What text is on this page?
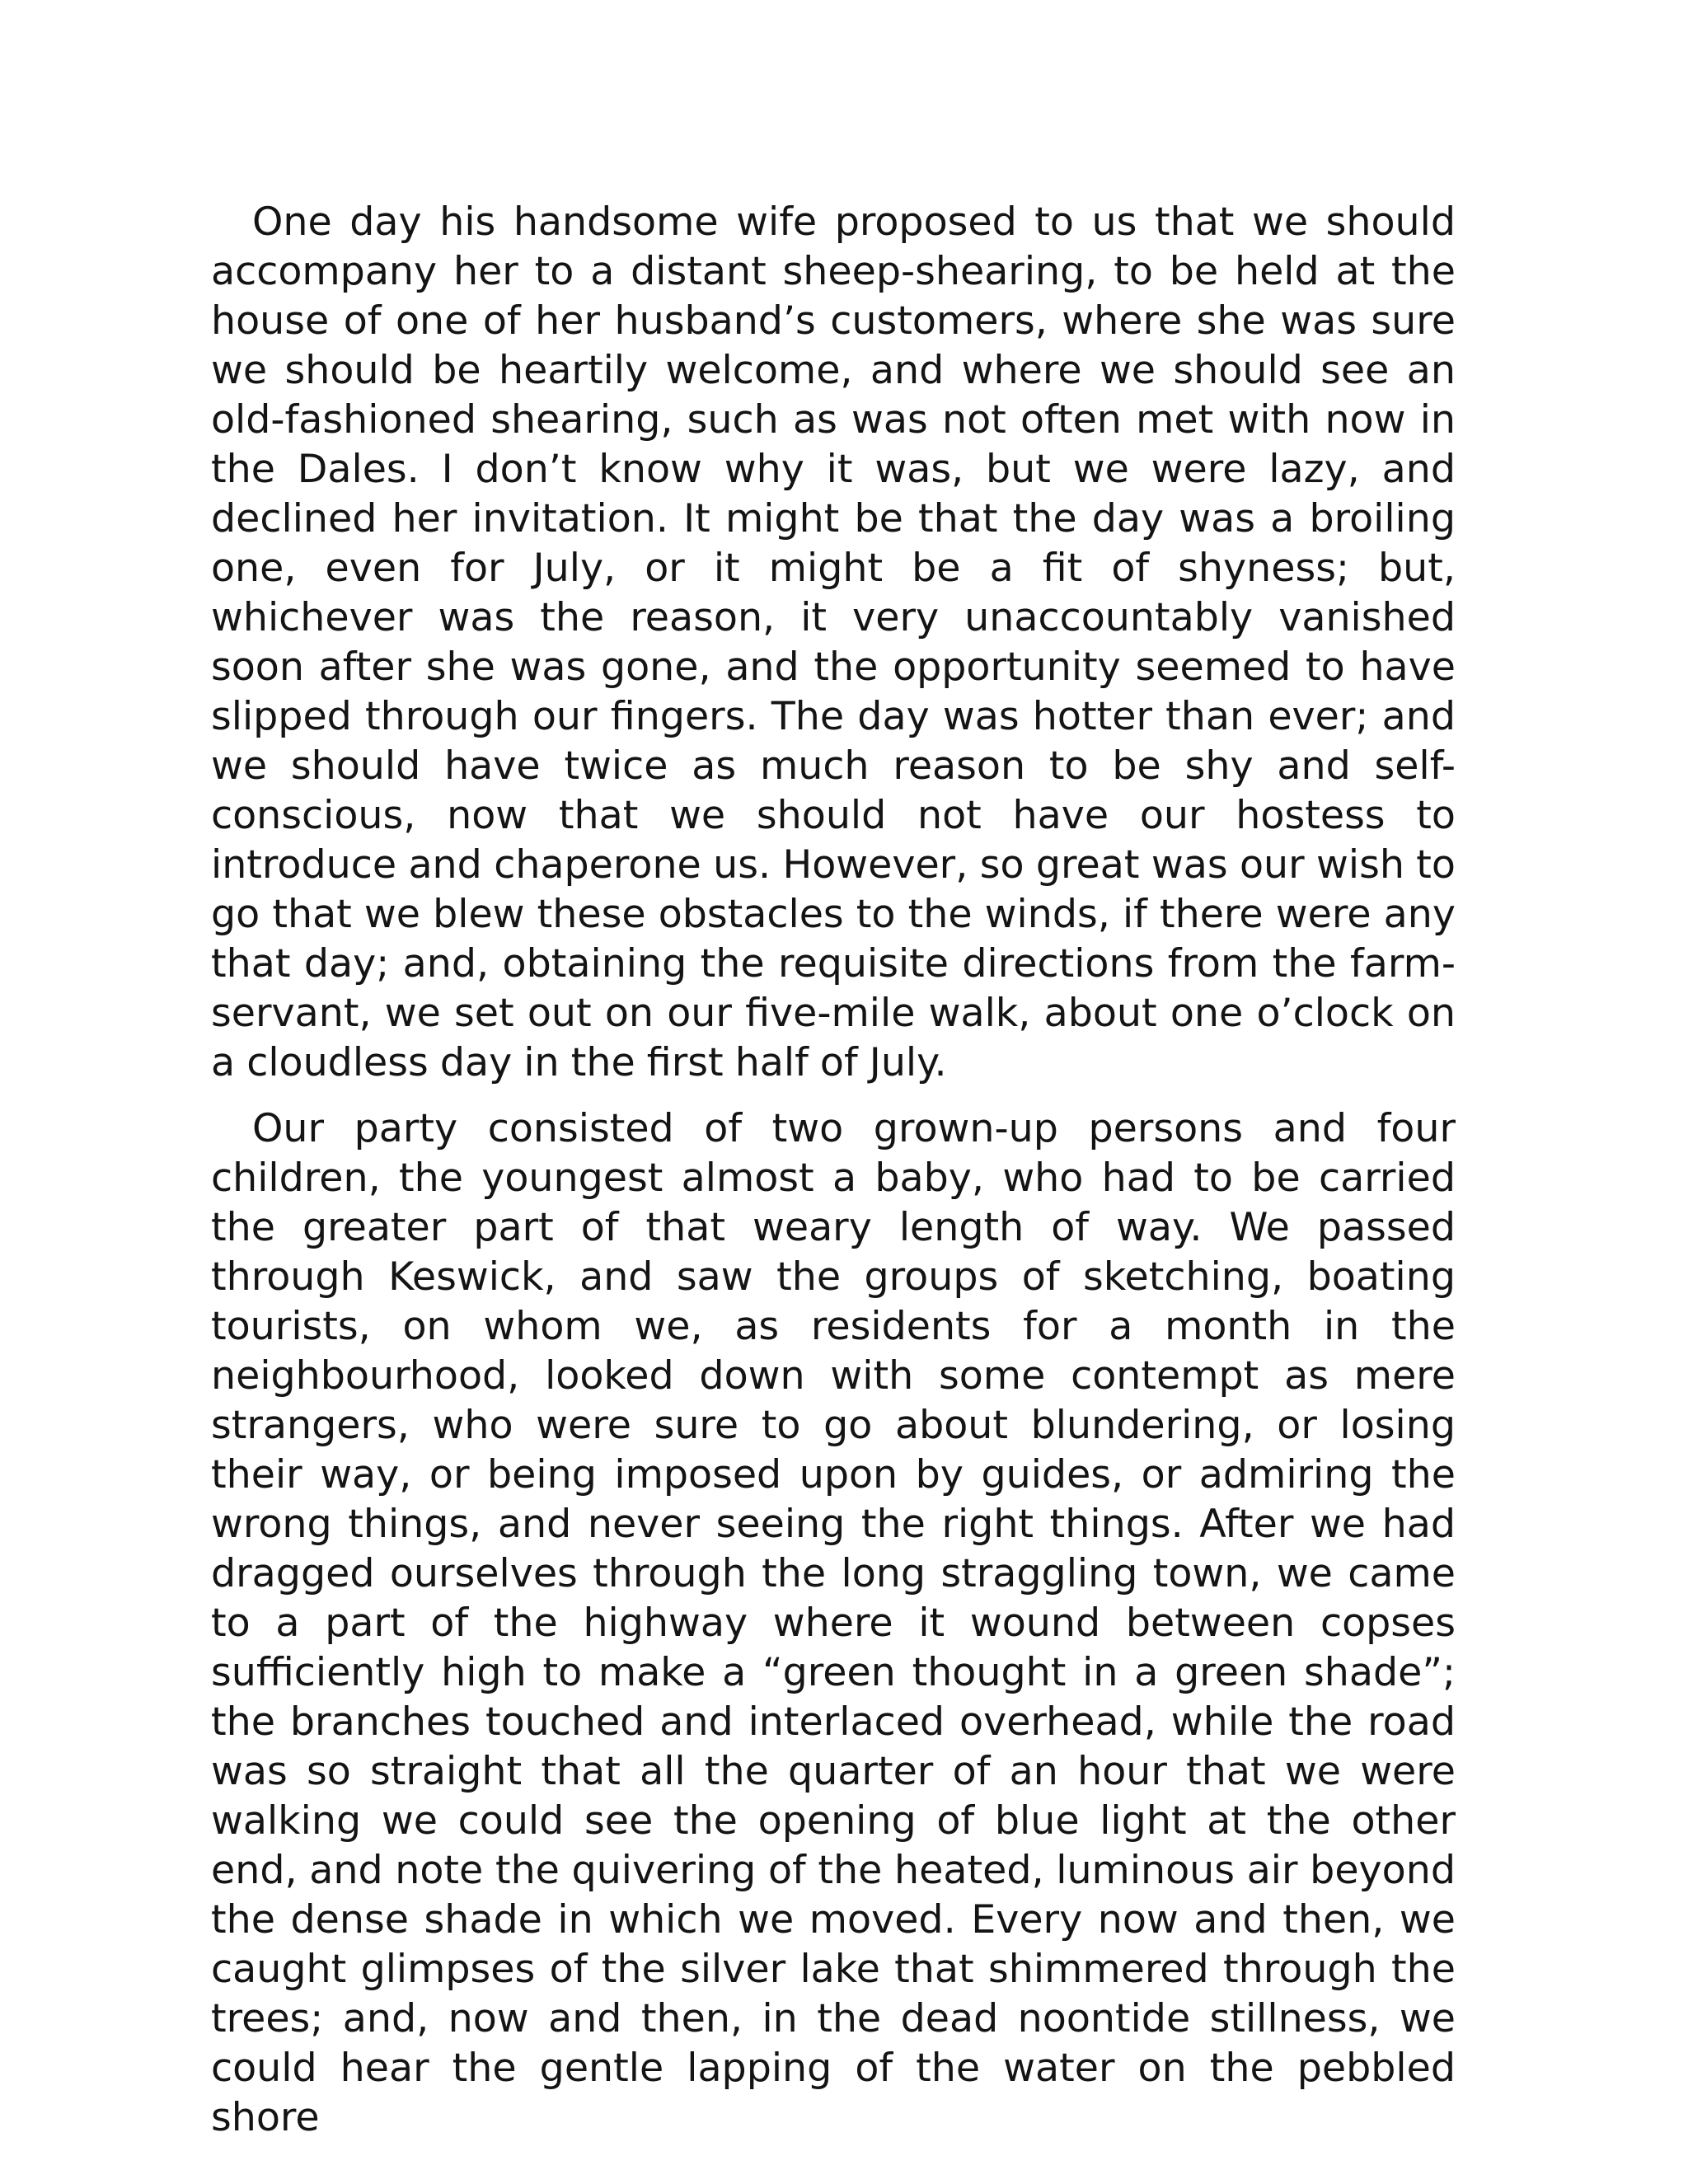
One day his handsome wife proposed to us that we should accompany her to a distant sheep-shearing, to be held at the house of one of her husband’s customers, where she was sure we should be heartily welcome, and where we should see an old-fashioned shearing, such as was not often met with now in the Dales. I don’t know why it was, but we were lazy, and declined her invitation. It might be that the day was a broiling one, even for July, or it might be a fit of shyness; but, whichever was the reason, it very unaccountably vanished soon after she was gone, and the opportunity seemed to have slipped through our fingers. The day was hotter than ever; and we should have twice as much reason to be shy and self-conscious, now that we should not have our hostess to introduce and chaperone us. However, so great was our wish to go that we blew these obstacles to the winds, if there were any that day; and, obtaining the requisite directions from the farm-servant, we set out on our five-mile walk, about one o’clock on a cloudless day in the first half of July.

Our party consisted of two grown-up persons and four children, the youngest almost a baby, who had to be carried the greater part of that weary length of way. We passed through Keswick, and saw the groups of sketching, boating tourists, on whom we, as residents for a month in the neighbourhood, looked down with some contempt as mere strangers, who were sure to go about blundering, or losing their way, or being imposed upon by guides, or admiring the wrong things, and never seeing the right things. After we had dragged ourselves through the long straggling town, we came to a part of the highway where it wound between copses sufficiently high to make a “green thought in a green shade”; the branches touched and interlaced overhead, while the road was so straight that all the quarter of an hour that we were walking we could see the opening of blue light at the other end, and note the quivering of the heated, luminous air beyond the dense shade in which we moved. Every now and then, we caught glimpses of the silver lake that shimmered through the trees; and, now and then, in the dead noontide stillness, we could hear the gentle lapping of the water on the pebbled shore
